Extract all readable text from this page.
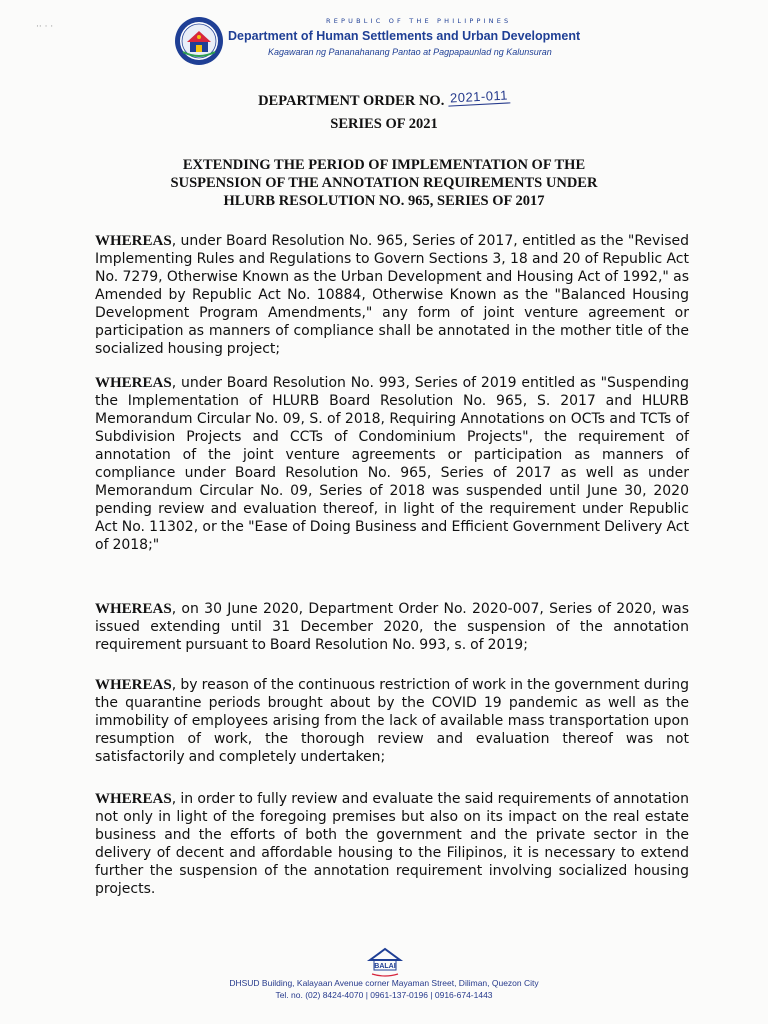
·· · ·
REPUBLIC OF THE PHILIPPINES
Department of Human Settlements and Urban Development
Kagawaran ng Pananahanang Pantao at Pagpapaunlad ng Kalunsuran
DEPARTMENT ORDER NO. 2021-011
SERIES OF 2021
EXTENDING THE PERIOD OF IMPLEMENTATION OF THE
SUSPENSION OF THE ANNOTATION REQUIREMENTS UNDER
HLURB RESOLUTION NO. 965, SERIES OF 2017
WHEREAS, under Board Resolution No. 965, Series of 2017, entitled as the "Revised Implementing Rules and Regulations to Govern Sections 3, 18 and 20 of Republic Act No. 7279, Otherwise Known as the Urban Development and Housing Act of 1992," as Amended by Republic Act No. 10884, Otherwise Known as the "Balanced Housing Development Program Amendments," any form of joint venture agreement or participation as manners of compliance shall be annotated in the mother title of the socialized housing project;
WHEREAS, under Board Resolution No. 993, Series of 2019 entitled as "Suspending the Implementation of HLURB Board Resolution No. 965, S. 2017 and HLURB Memorandum Circular No. 09, S. of 2018, Requiring Annotations on OCTs and TCTs of Subdivision Projects and CCTs of Condominium Projects", the requirement of annotation of the joint venture agreements or participation as manners of compliance under Board Resolution No. 965, Series of 2017 as well as under Memorandum Circular No. 09, Series of 2018 was suspended until June 30, 2020 pending review and evaluation thereof, in light of the requirement under Republic Act No. 11302, or the "Ease of Doing Business and Efficient Government Delivery Act of 2018;"
WHEREAS, on 30 June 2020, Department Order No. 2020-007, Series of 2020, was issued extending until 31 December 2020, the suspension of the annotation requirement pursuant to Board Resolution No. 993, s. of 2019;
WHEREAS, by reason of the continuous restriction of work in the government during the quarantine periods brought about by the COVID 19 pandemic as well as the immobility of employees arising from the lack of available mass transportation upon resumption of work, the thorough review and evaluation thereof was not satisfactorily and completely undertaken;
WHEREAS, in order to fully review and evaluate the said requirements of annotation not only in light of the foregoing premises but also on its impact on the real estate business and the efforts of both the government and the private sector in the delivery of decent and affordable housing to the Filipinos, it is necessary to extend further the suspension of the annotation requirement involving socialized housing projects.
BALAI
DHSUD Building, Kalayaan Avenue corner Mayaman Street, Diliman, Quezon City
Tel. no. (02) 8424-4070 | 0961-137-0196 | 0916-674-1443
